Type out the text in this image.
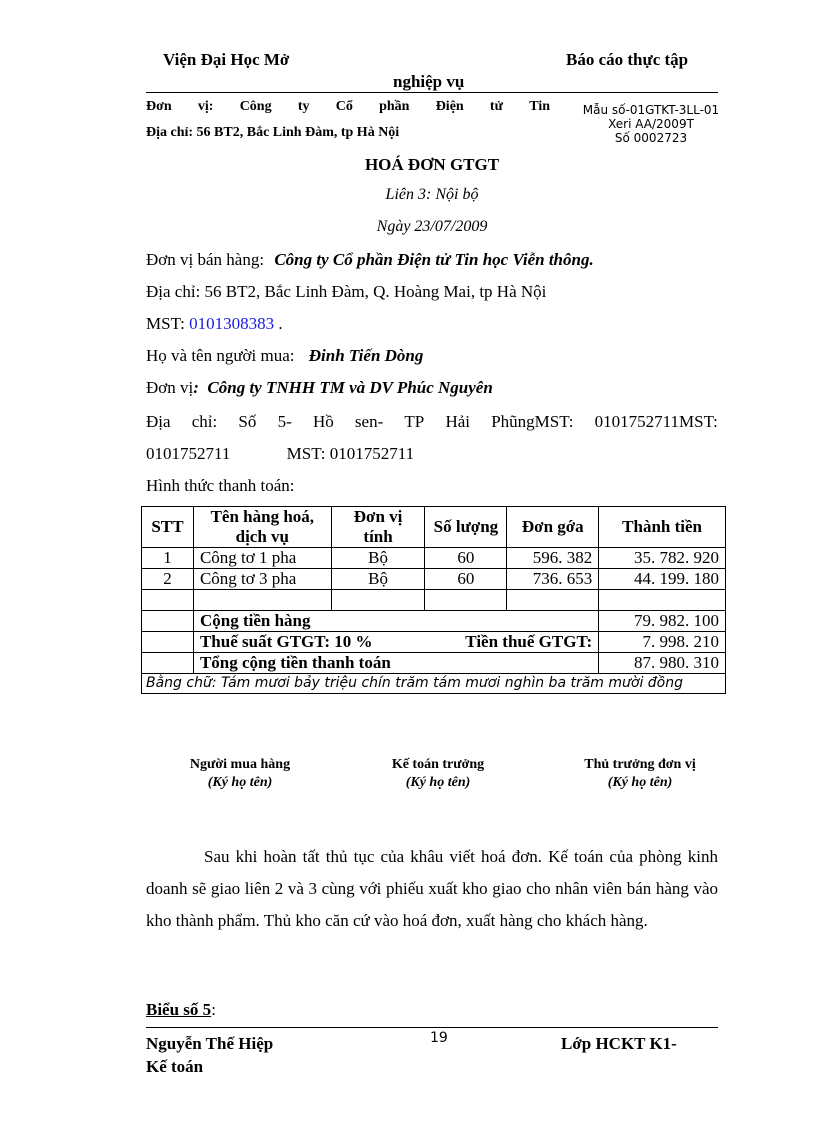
Viện Đại Học Mở	Báo cáo thực tập
nghiệp vụ
Đơn vị: Công ty Cổ phần Điện tử Tin
Địa chỉ: 56 BT2, Bắc Linh Đàm, tp Hà Nội
Mẫu số-01GTKT-3LL-01
Xeri AA/2009T
Số 0002723
HOÁ ĐƠN GTGT
Liên 3: Nội bộ
Ngày 23/07/2009
Đơn vị bán hàng: Công ty Cổ phần Điện tử Tin học Viễn thông.
Địa chỉ: 56 BT2, Bắc Linh Đàm, Q. Hoàng Mai, tp Hà Nội
MST: 0101308383 .
Họ và tên người mua: Đinh Tiến Dòng
Đơn vị:  Công ty TNHH TM và DV Phúc Nguyên
Địa chỉ: Số 5- Hồ sen- TP Hải PhũngMST: 0101752711MST:
0101752711	MST: 0101752711
Hình thức thanh toán:
STT	Tên hàng hoá, dịch vụ	Đơn vị tính	Số lượng	Đơn gớa	Thành tiền
1	Công tơ 1 pha	Bộ	60	596. 382	35. 782. 920
2	Công tơ 3 pha	Bộ	60	736. 653	44. 199. 180

	Cộng tiền hàng				79. 982. 100

	Thuế suất GTGT: 10 % Tiền thuế GTGT:				7. 998. 210
	Tổng cộng tiền thanh toán				87. 980. 310
Bằng chữ: Tám mươi bảy triệu chín trăm tám mươi nghìn ba trăm mười đồng					
Người mua hàng
(Ký họ tên)
Kế toán trưởng
(Ký họ tên)
Thủ trưởng đơn vị
(Ký họ tên)
Sau khi hoàn tất thủ tục của khâu viết hoá đơn. Kế toán của phòng kinh doanh sẽ giao liên 2 và 3 cùng với phiếu xuất kho giao cho nhân viên bán hàng vào kho thành phẩm. Thủ kho căn cứ vào hoá đơn, xuất hàng cho khách hàng.
Biểu số 5:
Nguyễn Thế Hiệp
Kế toán
19	Lớp HCKT K1-
